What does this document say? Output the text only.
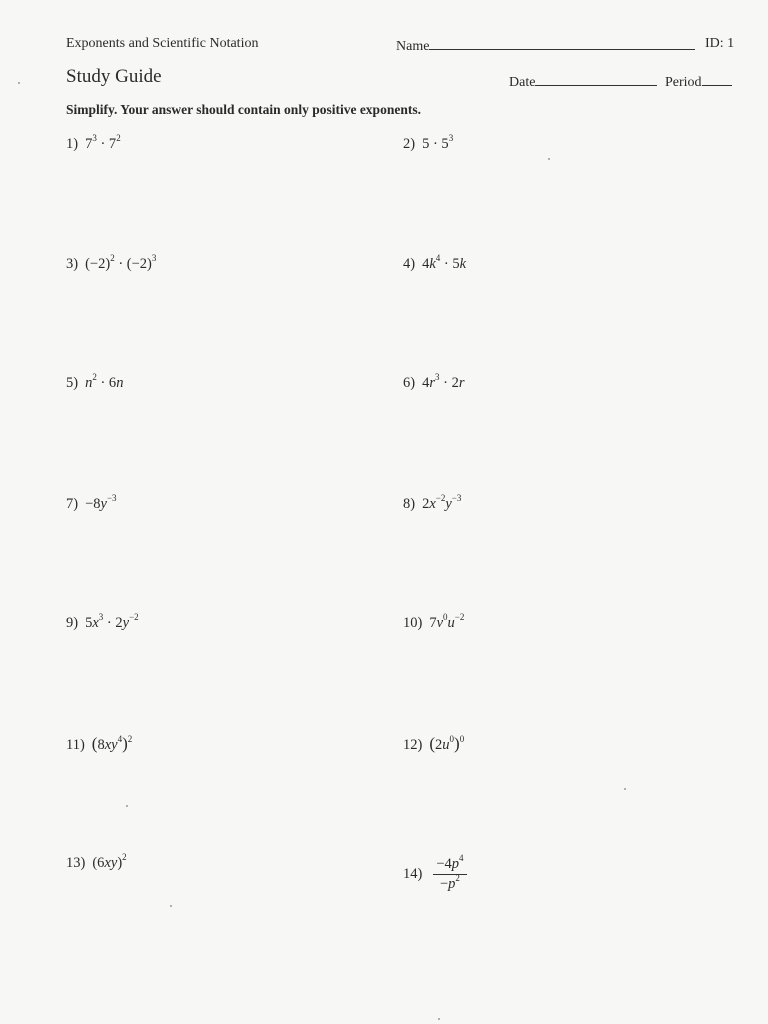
Exponents and Scientific Notation	Name	ID: 1
Study Guide	Date	Period
Simplify. Your answer should contain only positive exponents.
1) $7^3 \cdot 7^2$	2) $5 \cdot 5^3$
3) $(-2)^2 \cdot (-2)^3$	4) $4k^4 \cdot 5k$
5) $n^2 \cdot 6n$	6) $4r^3 \cdot 2r$
$7) -8y^{-3}$	8) $2x^{-2}y^{-3}$
9) $5x^3 \cdot 2y^{-2}$	10) $7v^0u^{-2}$
11) $(8xy^4)^2$	12) $(2u^0)^0$
13) $(6xy)^2$
$14) \frac{-4p^4}{-p^2}$
